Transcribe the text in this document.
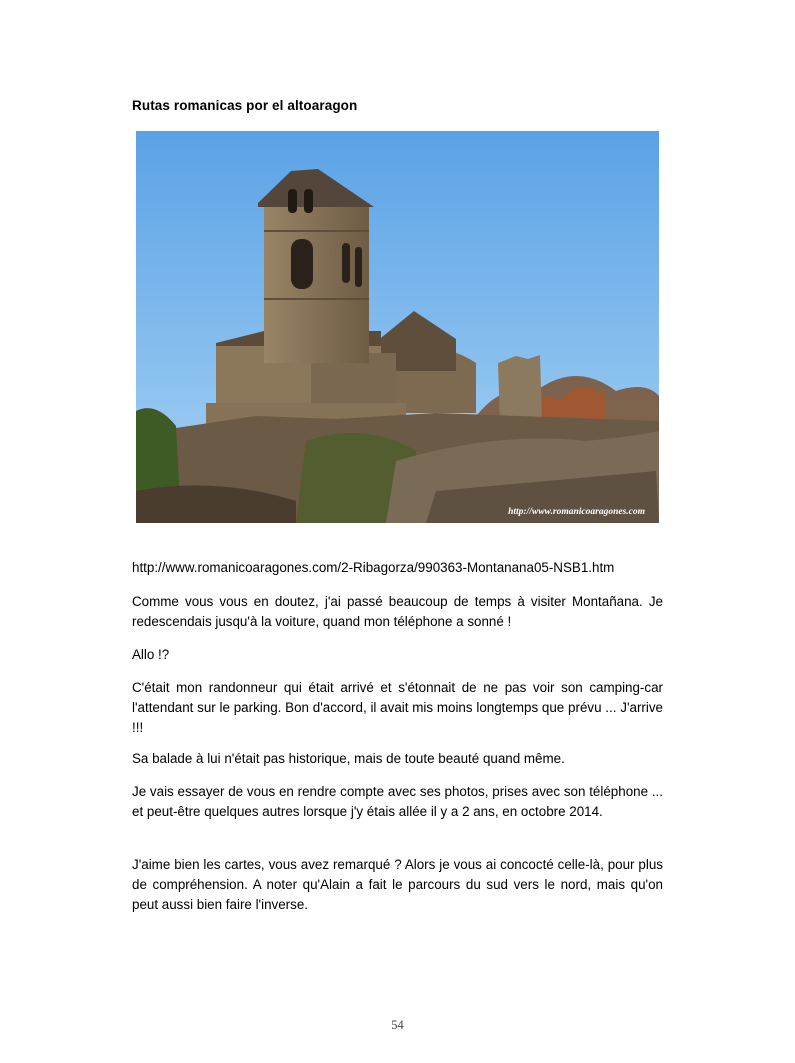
Rutas romanicas por el altoaragon
http://www.romanicoaragones.com
http://www.romanicoaragones.com/2-Ribagorza/990363-Montanana05-NSB1.htm
Comme vous vous en doutez, j'ai passé beaucoup de temps à visiter Montañana. Je redescendais jusqu'à la voiture, quand mon téléphone a sonné !
Allo !?
C'était mon randonneur qui était arrivé et s'étonnait de ne pas voir son camping-car l'attendant sur le parking. Bon d'accord, il avait mis moins longtemps que prévu ... J'arrive !!!
Sa balade à lui n'était pas historique, mais de toute beauté quand même.
Je vais essayer de vous en rendre compte avec ses photos, prises avec son téléphone ... et peut-être quelques autres lorsque j'y étais allée il y a 2 ans, en octobre 2014.
J'aime bien les cartes, vous avez remarqué ? Alors je vous ai concocté celle-là, pour plus de compréhension. A noter qu'Alain a fait le parcours du sud vers le nord, mais qu'on peut aussi bien faire l'inverse.
54
